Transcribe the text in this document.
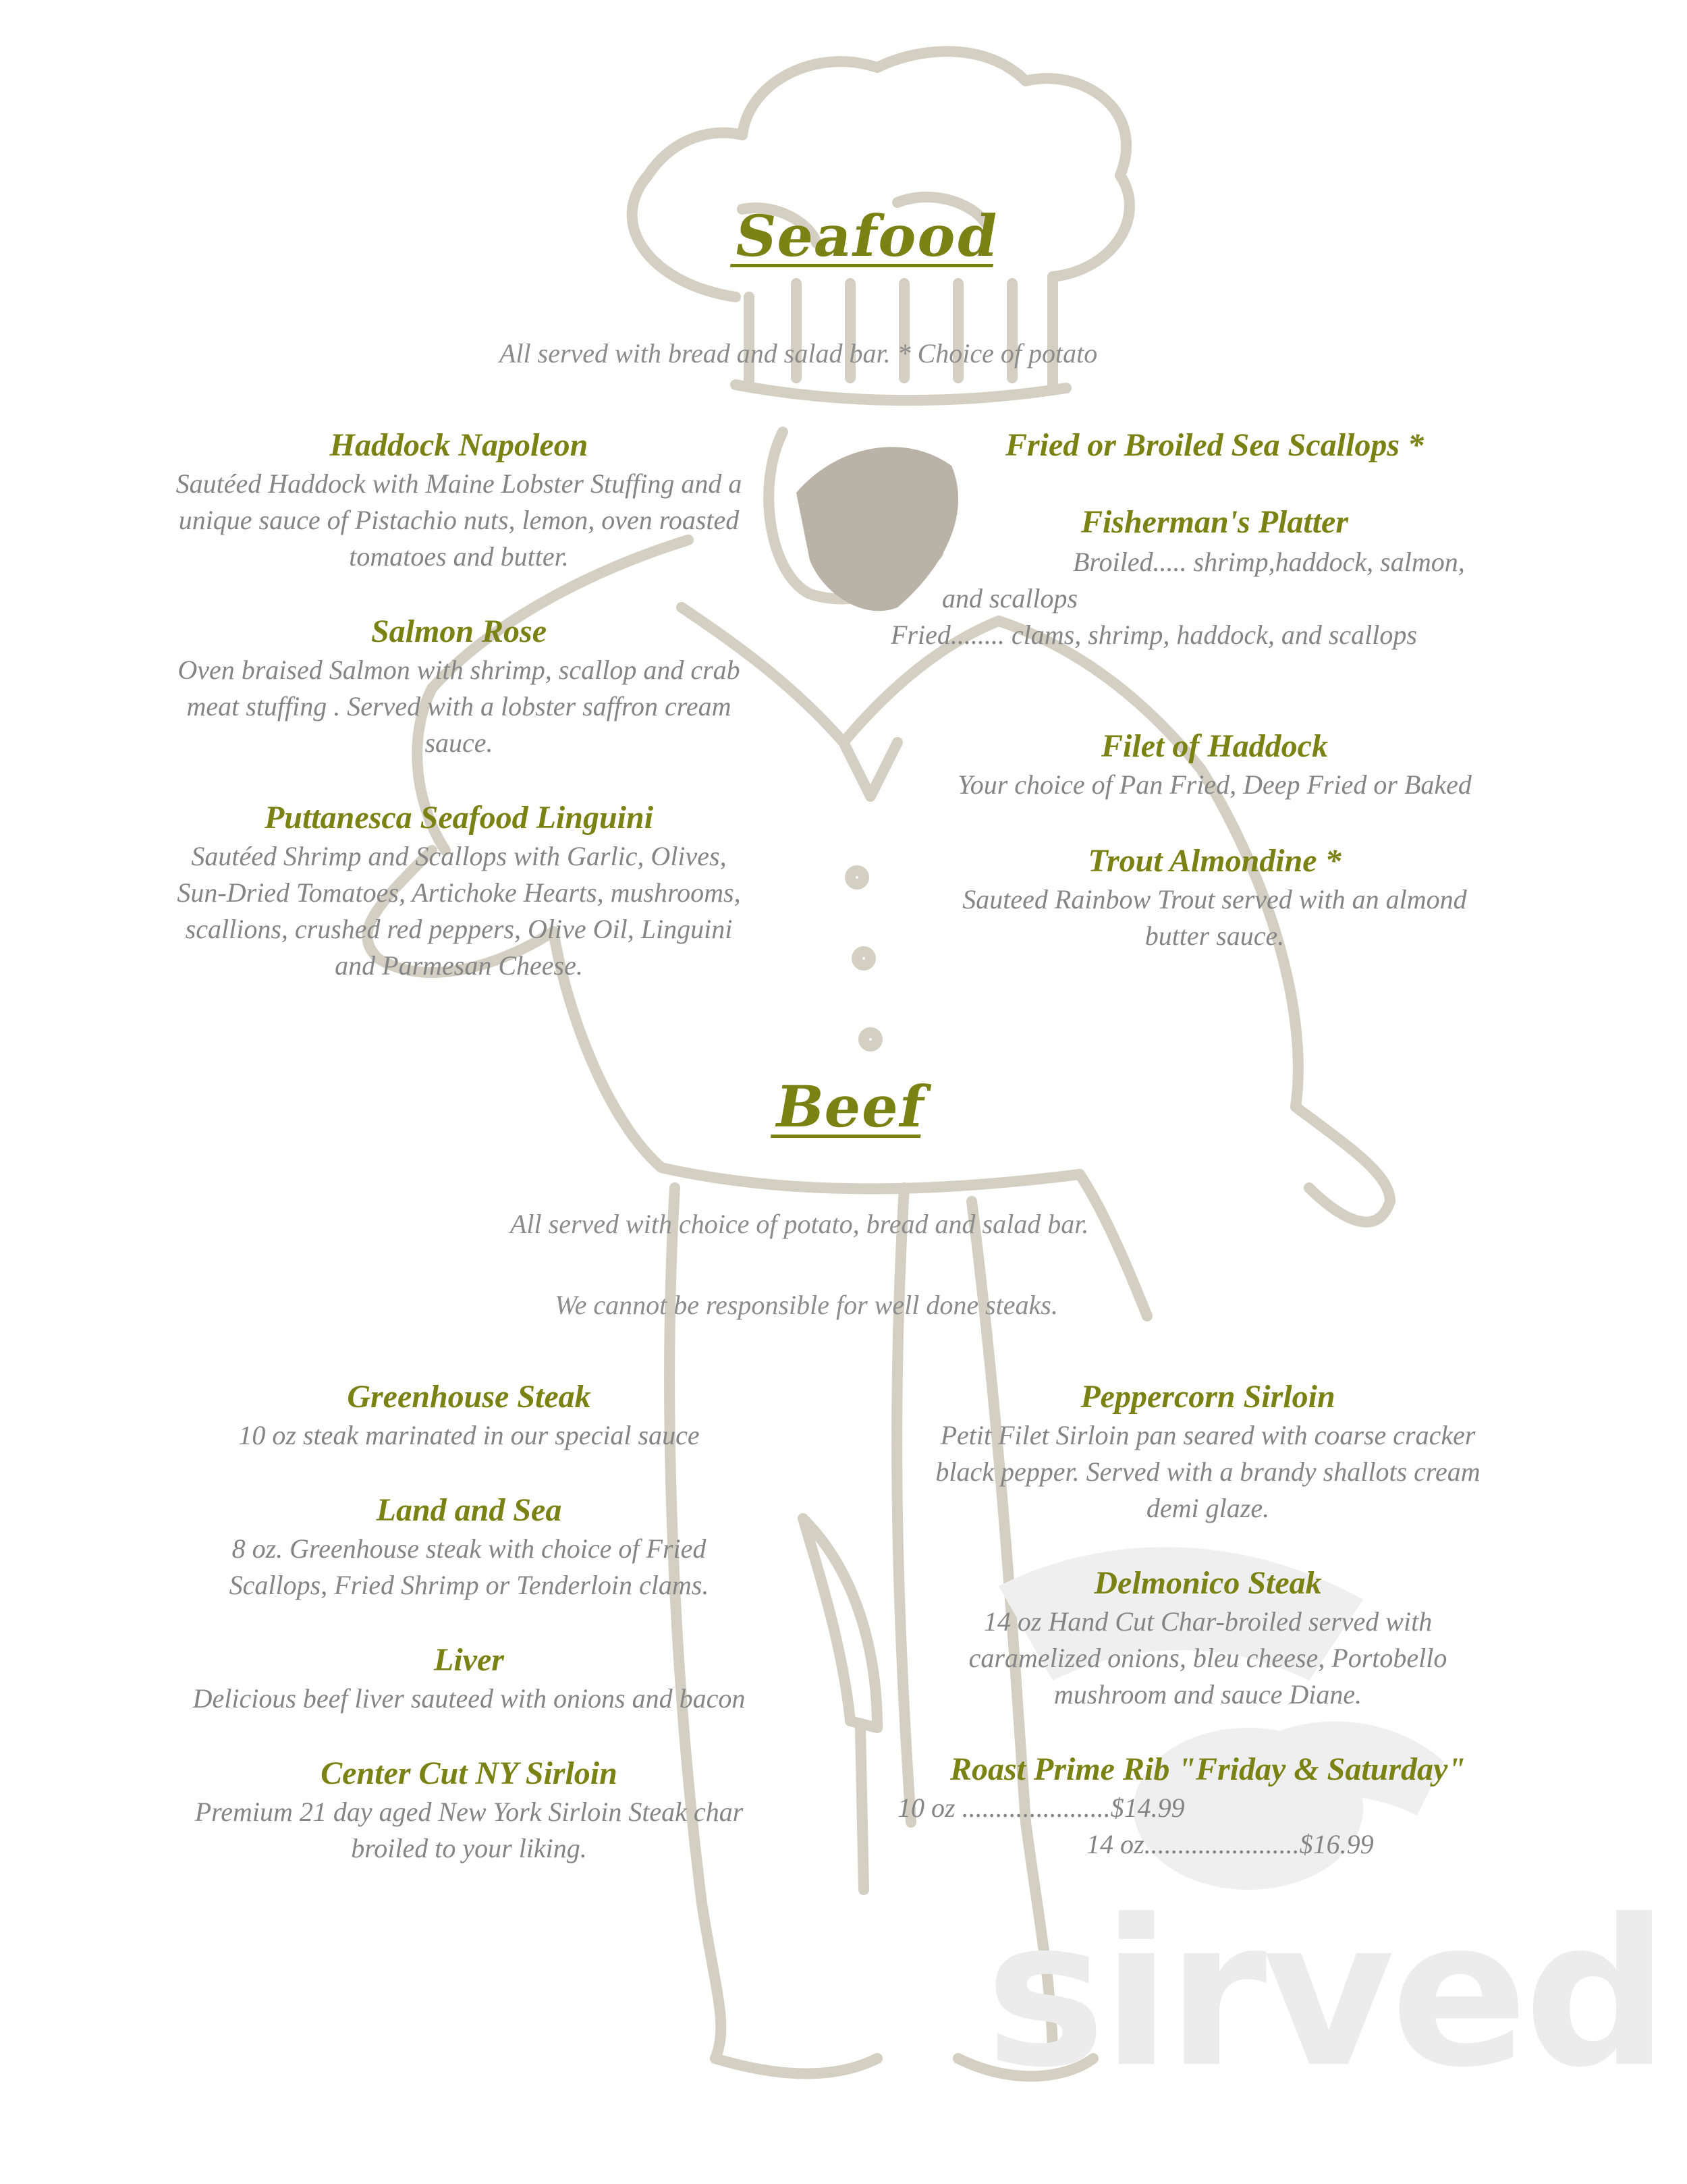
sirved
Seafood
All served with bread and salad bar. * Choice of potato
Haddock Napoleon
Sautéed Haddock with Maine Lobster Stuffing and a
unique sauce of Pistachio nuts, lemon, oven roasted
tomatoes and butter.
Salmon Rose
Oven braised Salmon with shrimp, scallop and crab
meat stuffing . Served with a lobster saffron cream
sauce.
Puttanesca Seafood Linguini
Sautéed Shrimp and Scallops with Garlic, Olives,
Sun-Dried Tomatoes, Artichoke Hearts, mushrooms,
scallions, crushed red peppers, Olive Oil, Linguini
and Parmesan Cheese.
Fried or Broiled Sea Scallops *
Fisherman's Platter
Broiled..... shrimp,haddock, salmon,
and scallops
Fried........ clams, shrimp, haddock, and scallops
Filet of Haddock
Your choice of Pan Fried, Deep Fried or Baked
Trout Almondine *
Sauteed Rainbow Trout served with an almond
butter sauce.
Beef
All served with choice of potato, bread and salad bar.
We cannot be responsible for well done steaks.
Greenhouse Steak
10 oz steak marinated in our special sauce
Land and Sea
8 oz. Greenhouse steak with choice of Fried
Scallops, Fried Shrimp or Tenderloin clams.
Liver
Delicious beef liver sauteed with onions and bacon
Center Cut NY Sirloin
Premium 21 day aged New York Sirloin Steak char
broiled to your liking.
Peppercorn Sirloin
Petit Filet Sirloin pan seared with coarse cracker
black pepper. Served with a brandy shallots cream
demi glaze.
Delmonico Steak
14 oz Hand Cut Char-broiled served with
caramelized onions, bleu cheese, Portobello
mushroom and sauce Diane.
Roast Prime Rib "Friday & Saturday"
10 oz ......................$14.99
14 oz.......................$16.99
